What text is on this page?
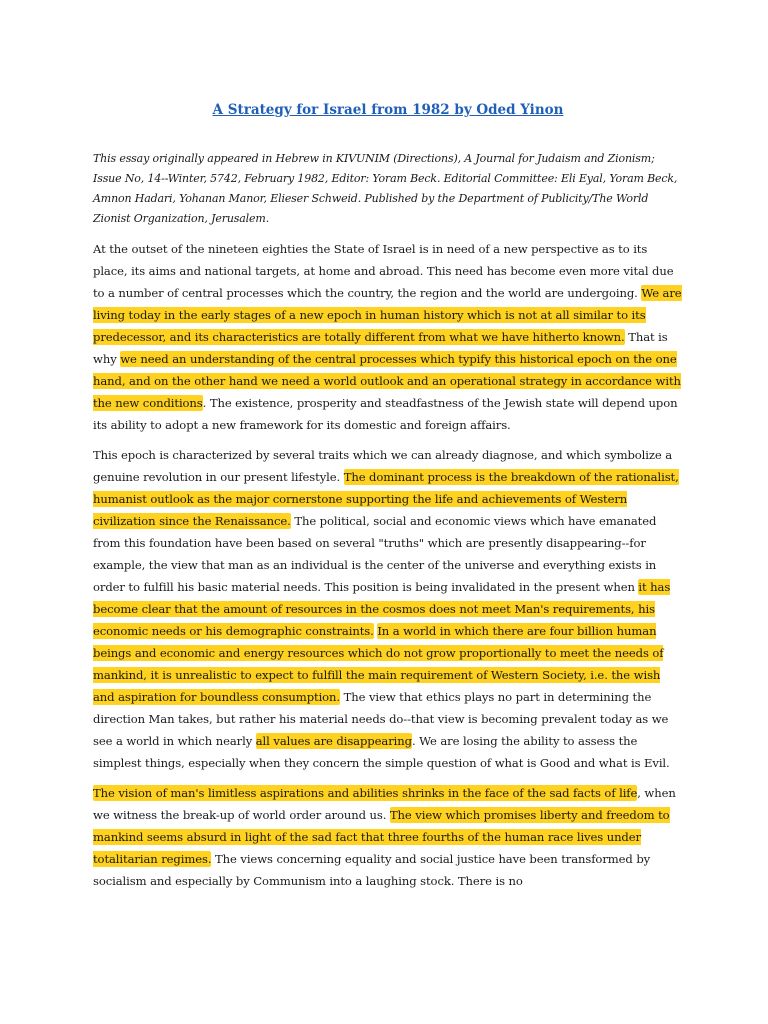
A Strategy for Israel from 1982 by Oded Yinon

This essay originally appeared in Hebrew in KIVUNIM (Directions), A Journal for Judaism and Zionism; Issue No, 14--Winter, 5742, February 1982, Editor: Yoram Beck. Editorial Committee: Eli Eyal, Yoram Beck, Amnon Hadari, Yohanan Manor, Elieser Schweid. Published by the Department of Publicity/The World Zionist Organization, Jerusalem.

At the outset of the nineteen eighties the State of Israel is in need of a new perspective as to its place, its aims and national targets, at home and abroad. This need has become even more vital due to a number of central processes which the country, the region and the world are undergoing. We are living today in the early stages of a new epoch in human history which is not at all similar to its predecessor, and its characteristics are totally different from what we have hitherto known. That is why we need an understanding of the central processes which typify this historical epoch on the one hand, and on the other hand we need a world outlook and an operational strategy in accordance with the new conditions. The existence, prosperity and steadfastness of the Jewish state will depend upon its ability to adopt a new framework for its domestic and foreign affairs.

This epoch is characterized by several traits which we can already diagnose, and which symbolize a genuine revolution in our present lifestyle. The dominant process is the breakdown of the rationalist, humanist outlook as the major cornerstone supporting the life and achievements of Western civilization since the Renaissance. The political, social and economic views which have emanated from this foundation have been based on several "truths" which are presently disappearing--for example, the view that man as an individual is the center of the universe and everything exists in order to fulfill his basic material needs. This position is being invalidated in the present when it has become clear that the amount of resources in the cosmos does not meet Man's requirements, his economic needs or his demographic constraints. In a world in which there are four billion human beings and economic and energy resources which do not grow proportionally to meet the needs of mankind, it is unrealistic to expect to fulfill the main requirement of Western Society, i.e. the wish and aspiration for boundless consumption. The view that ethics plays no part in determining the direction Man takes, but rather his material needs do--that view is becoming prevalent today as we see a world in which nearly all values are disappearing. We are losing the ability to assess the simplest things, especially when they concern the simple question of what is Good and what is Evil.

The vision of man's limitless aspirations and abilities shrinks in the face of the sad facts of life, when we witness the break-up of world order around us. The view which promises liberty and freedom to mankind seems absurd in light of the sad fact that three fourths of the human race lives under totalitarian regimes. The views concerning equality and social justice have been transformed by socialism and especially by Communism into a laughing stock. There is no
